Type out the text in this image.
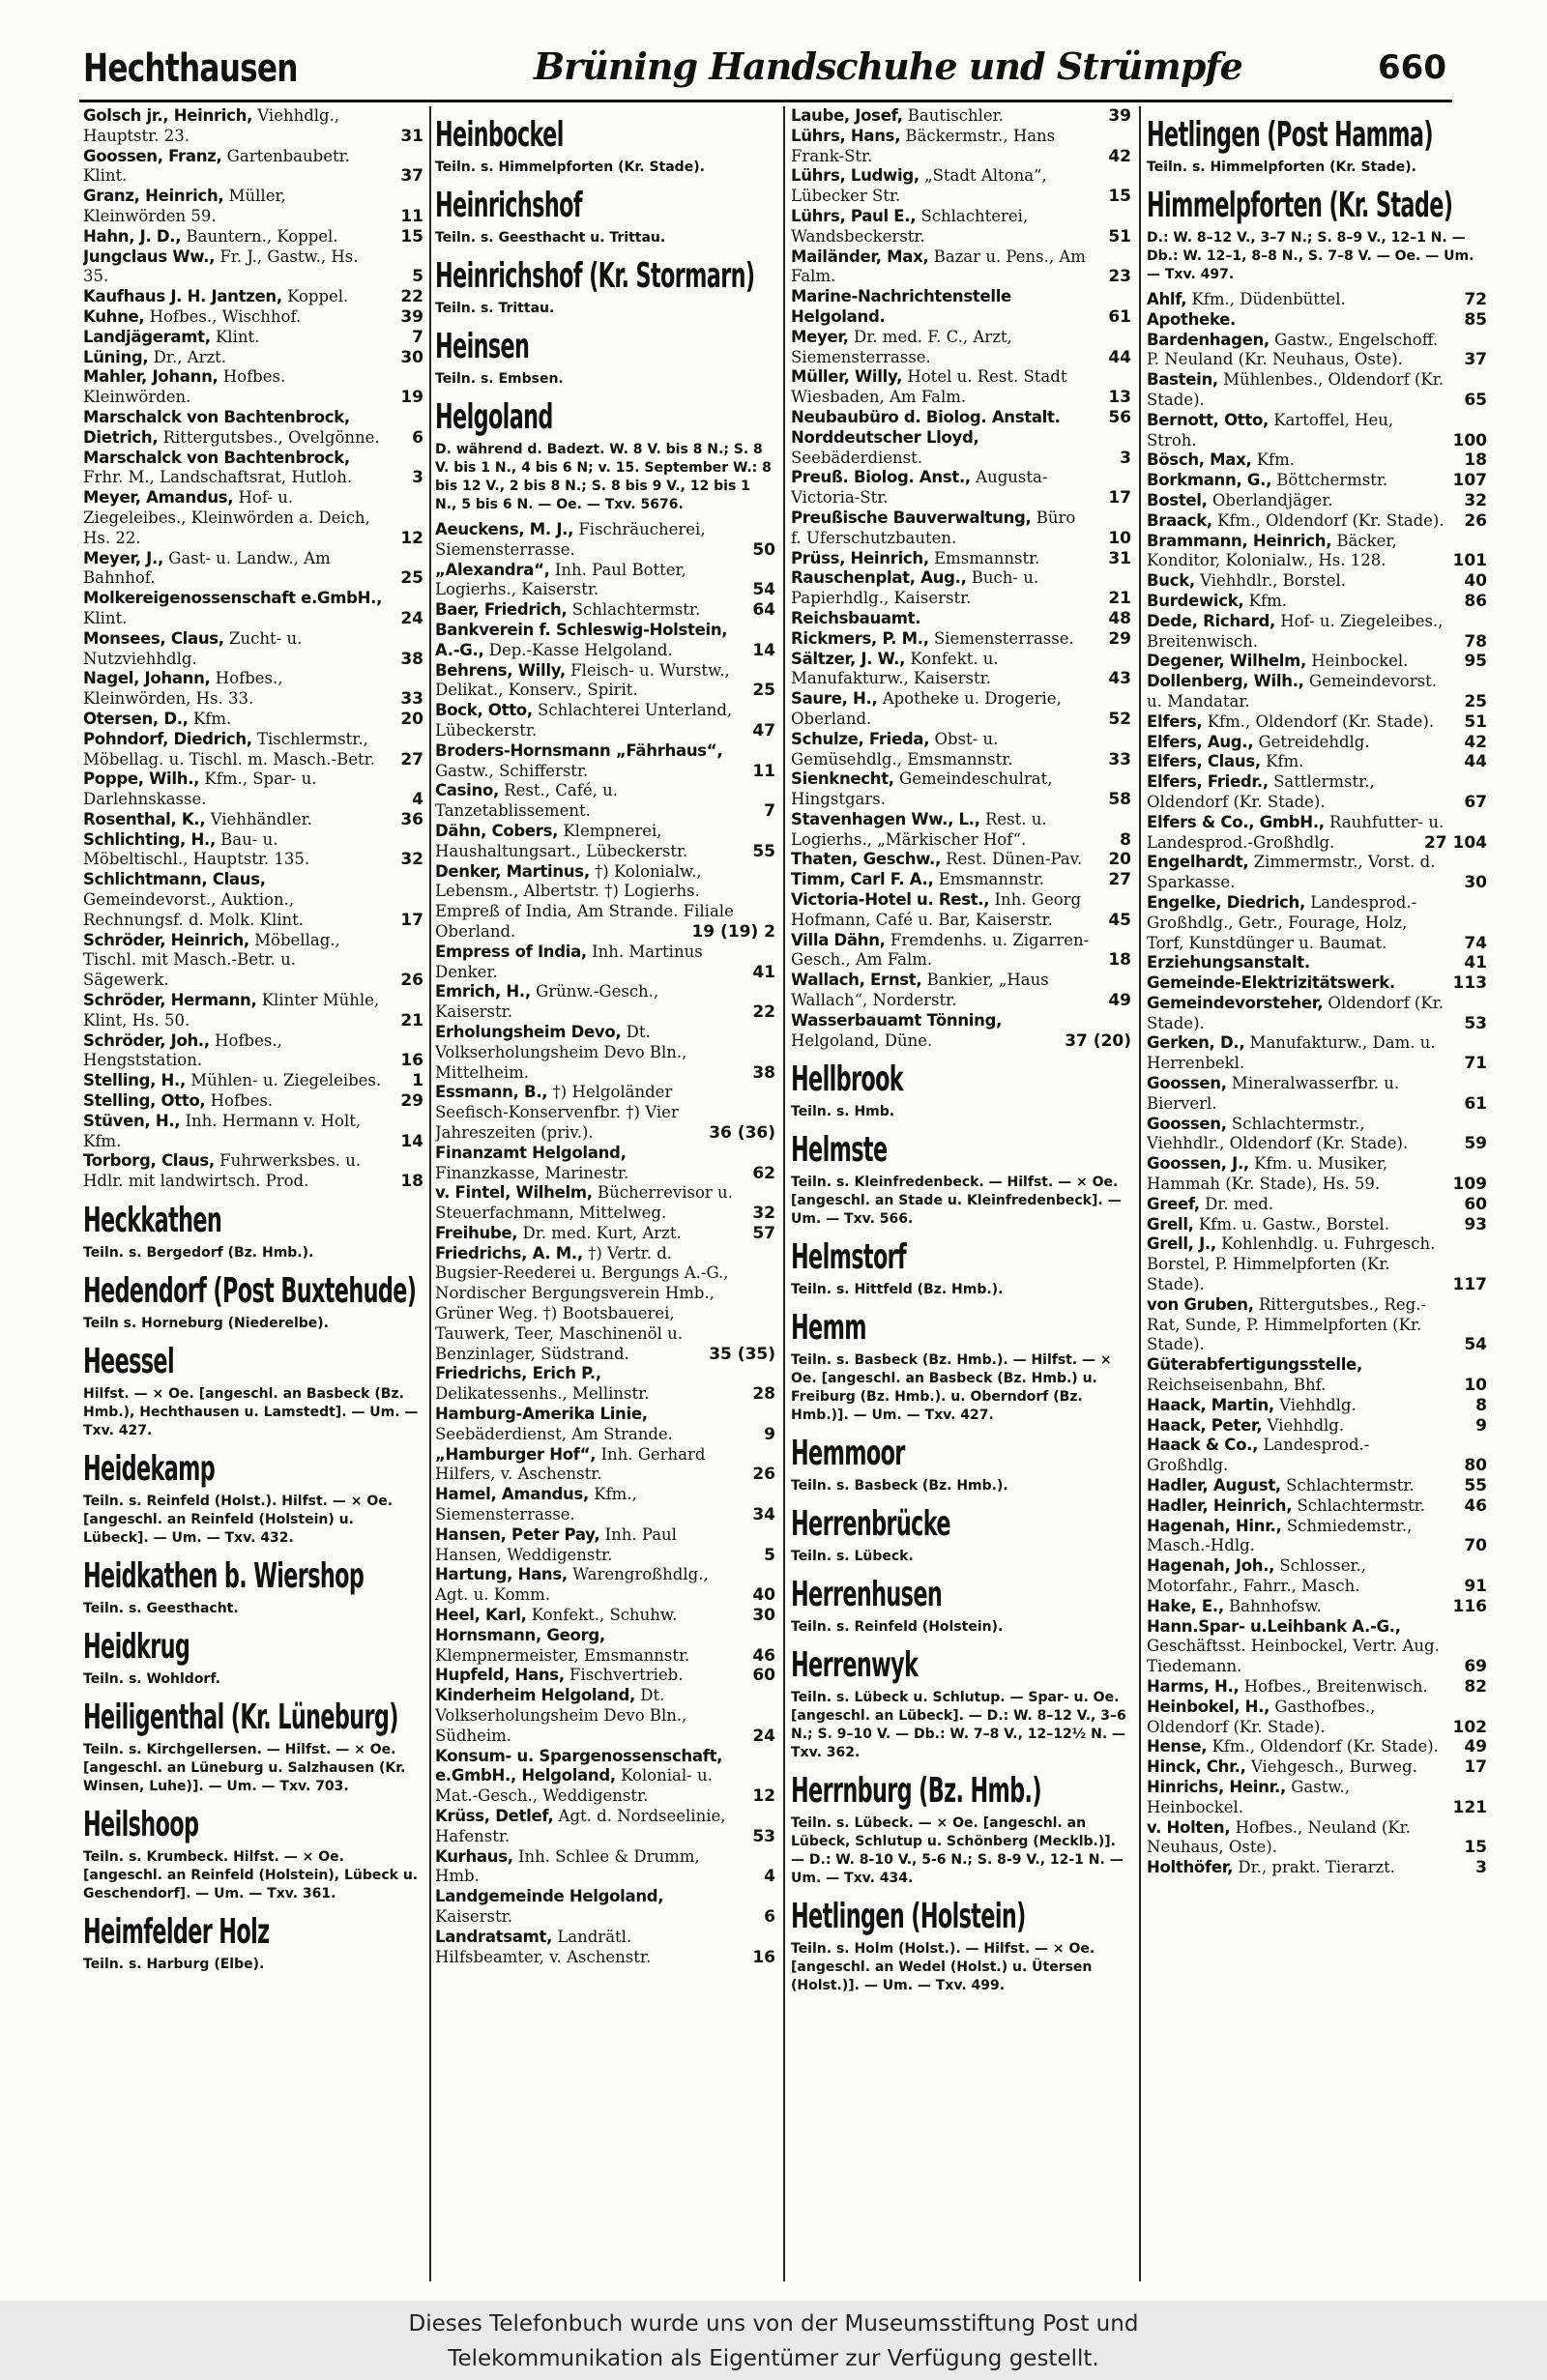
Hechthausen	Brüning Handschuhe und Strümpfe	660
Golsch jr., Heinrich, Viehhdlg., Hauptstr. 23.	31
Goossen, Franz, Gartenbaubetr. Klint.	37
Granz, Heinrich, Müller, Kleinwörden 59.	11
Hahn, J. D., Bauntern., Koppel.	15
Jungclaus Ww., Fr. J., Gastw., Hs. 35.	5
Kaufhaus J. H. Jantzen, Koppel.	22
Kuhne, Hofbes., Wischhof.	39
Landjägeramt, Klint.	7
Lüning, Dr., Arzt.	30
Mahler, Johann, Hofbes. Kleinwörden.	19
Marschalck von Bachtenbrock, Dietrich, Rittergutsbes., Ovelgönne. 6
Marschalck von Bachtenbrock, Frhr. M., Landschaftsrat, Hutloh.	3
Meyer, Amandus, Hof- u. Ziegeleibes., Kleinwörden a. Deich, Hs. 22.	12
Meyer, J., Gast- u. Landw., Am Bahnhof.	25
Molkereigenossenschaft e.GmbH., Klint.	24
Monsees, Claus, Zucht- u. Nutzviehhdlg.	38
Nagel, Johann, Hofbes., Kleinwörden, Hs. 33.	33
Otersen, D., Kfm.	20
Pohndorf, Diedrich, Tischlermstr., Möbellag. u. Tischl. m. Masch.-Betr. 27
Poppe, Wilh., Kfm., Spar- u. Darlehnskasse.	4
Rosenthal, K., Viehhändler.	36
Schlichting, H., Bau- u. Möbeltischl., Hauptstr. 135.	32
Schlichtmann, Claus, Gemeindevorst., Auktion., Rechnungsf. d. Molk. Klint.	17
Schröder, Heinrich, Möbellag., Tischl. mit Masch.-Betr. u. Sägewerk.	26
Schröder, Hermann, Klinter Mühle, Klint, Hs. 50.	21
Schröder, Joh., Hofbes., Hengststation.	16
Stelling, H., Mühlen- u. Ziegeleibes. 1
Stelling, Otto, Hofbes.	29
Stüven, H., Inh. Hermann v. Holt, Kfm.	14
Torborg, Claus, Fuhrwerksbes. u. Hdlr. mit landwirtsch. Prod.	18
Heckkathen
Teiln. s. Bergedorf (Bz. Hmb.).
Hedendorf (Post Buxtehude)
Teiln s. Horneburg (Niederelbe).
Heessel
Hilfst. — × Oe. [angeschl. an Basbeck (Bz. Hmb.), Hechthausen u. Lamstedt]. — Um. — Txv. 427.
Heidekamp
Teiln. s. Reinfeld (Holst.). Hilfst. — × Oe. [angeschl. an Reinfeld (Holstein) u. Lübeck]. — Um. — Txv. 432.
Heidkathen b. Wiershop
Teiln. s. Geesthacht.
Heidkrug
Teiln. s. Wohldorf.
Heiligenthal (Kr. Lüneburg)
Teiln. s. Kirchgellersen. — Hilfst. — × Oe. [angeschl. an Lüneburg u. Salzhausen (Kr. Winsen, Luhe)]. — Um. — Txv. 703.
Heilshoop
Teiln. s. Krumbeck. Hilfst. — × Oe. [angeschl. an Reinfeld (Holstein), Lübeck u. Geschendorf]. — Um. — Txv. 361.
Heimfelder Holz
Teiln. s. Harburg (Elbe).
Heinbockel
Teiln. s. Himmelpforten (Kr. Stade).
Heinrichshof
Teiln. s. Geesthacht u. Trittau.
Heinrichshof (Kr. Stormarn)
Teiln. s. Trittau.
Heinsen
Teiln. s. Embsen.
Helgoland
D. während d. Badezt. W. 8 V. bis 8 N.; S. 8 V. bis 1 N., 4 bis 6 N; v. 15. September W.: 8 bis 12 V., 2 bis 8 N.; S. 8 bis 9 V., 12 bis 1 N., 5 bis 6 N. — Oe. — Txv. 5676.
Aeuckens, M. J., Fischräucherei, Siemensterrasse.	50
„Alexandra“, Inh. Paul Botter, Logierhs., Kaiserstr.	54
Baer, Friedrich, Schlachtermstr.	64
Bankverein f. Schleswig-Holstein, A.-G., Dep.-Kasse Helgoland.	14
Behrens, Willy, Fleisch- u. Wurstw., Delikat., Konserv., Spirit.	25
Bock, Otto, Schlachterei Unterland, Lübeckerstr.	47
Broders-Hornsmann „Fährhaus“, Gastw., Schifferstr.	11
Casino, Rest., Café, u. Tanzetablissement.	7
Dähn, Cobers, Klempnerei, Haushaltungsart., Lübeckerstr.	55
Denker, Martinus, †) Kolonialw., Lebensm., Albertstr. †) Logierhs. Empreß of India, Am Strande. Filiale Oberland.	19 (19) 2
Empress of India, Inh. Martinus Denker.	41
Emrich, H., Grünw.-Gesch., Kaiserstr.	22
Erholungsheim Devo, Dt. Volkserholungsheim Devo Bln., Mittelheim.	38
Essmann, B., †) Helgoländer Seefisch-Konservenfbr. †) Vier Jahreszeiten (priv.).	36 (36)
Finanzamt Helgoland, Finanzkasse, Marinestr.	62
v. Fintel, Wilhelm, Bücherrevisor u. Steuerfachmann, Mittelweg.	32
Freihube, Dr. med. Kurt, Arzt.	57
Friedrichs, A. M., †) Vertr. d. Bugsier-Reederei u. Bergungs A.-G., Nordischer Bergungsverein Hmb., Grüner Weg. †) Bootsbauerei, Tauwerk, Teer, Maschinenöl u. Benzinlager, Südstrand.	35 (35)
Friedrichs, Erich P., Delikatessenhs., Mellinstr.	28
Hamburg-Amerika Linie, Seebäderdienst, Am Strande.	9
„Hamburger Hof“, Inh. Gerhard Hilfers, v. Aschenstr.	26
Hamel, Amandus, Kfm., Siemensterrasse.	34
Hansen, Peter Pay, Inh. Paul Hansen, Weddigenstr.	5
Hartung, Hans, Warengroßhdlg., Agt. u. Komm.	40
Heel, Karl, Konfekt., Schuhw.	30
Hornsmann, Georg, Klempnermeister, Emsmannstr.	46
Hupfeld, Hans, Fischvertrieb.	60
Kinderheim Helgoland, Dt. Volkserholungsheim Devo Bln., Südheim.	24
Konsum- u. Spargenossenschaft, e.GmbH., Helgoland, Kolonial- u. Mat.-Gesch., Weddigenstr.	12
Krüss, Detlef, Agt. d. Nordseelinie, Hafenstr.	53
Kurhaus, Inh. Schlee & Drumm, Hmb.	4
Landgemeinde Helgoland, Kaiserstr.	6
Landratsamt, Landrätl. Hilfsbeamter, v. Aschenstr.	16
Laube, Josef, Bautischler.	39
Lührs, Hans, Bäckermstr., Hans Frank-Str.	42
Lührs, Ludwig, „Stadt Altona“, Lübecker Str.	15
Lührs, Paul E., Schlachterei, Wandsbeckerstr.	51
Mailänder, Max, Bazar u. Pens., Am Falm.	23
Marine-Nachrichtenstelle Helgoland.	61
Meyer, Dr. med. F. C., Arzt, Siemensterrasse.	44
Müller, Willy, Hotel u. Rest. Stadt Wiesbaden, Am Falm.	13
Neubaubüro d. Biolog. Anstalt.	56
Norddeutscher Lloyd, Seebäderdienst.	3
Preuß. Biolog. Anst., Augusta-Victoria-Str.	17
Preußische Bauverwaltung, Büro f. Uferschutzbauten.	10
Prüss, Heinrich, Emsmannstr.	31
Rauschenplat, Aug., Buch- u. Papierhdlg., Kaiserstr.	21
Reichsbauamt.	48
Rickmers, P. M., Siemensterrasse. 29
Sältzer, J. W., Konfekt. u. Manufakturw., Kaiserstr.	43
Saure, H., Apotheke u. Drogerie, Oberland.	52
Schulze, Frieda, Obst- u. Gemüsehdlg., Emsmannstr.	33
Sienknecht, Gemeindeschulrat, Hingstgars.	58
Stavenhagen Ww., L., Rest. u. Logierhs., „Märkischer Hof“.	8
Thaten, Geschw., Rest. Dünen-Pav. 20
Timm, Carl F. A., Emsmannstr.	27
Victoria-Hotel u. Rest., Inh. Georg Hofmann, Café u. Bar, Kaiserstr.	45
Villa Dähn, Fremdenhs. u. Zigarren-Gesch., Am Falm.	18
Wallach, Ernst, Bankier, „Haus Wallach“, Norderstr.	49
Wasserbauamt Tönning, Helgoland, Düne.	37 (20)
Hellbrook
Teiln. s. Hmb.
Helmste
Teiln. s. Kleinfredenbeck. — Hilfst. — × Oe. [angeschl. an Stade u. Kleinfredenbeck]. — Um. — Txv. 566.
Helmstorf
Teiln. s. Hittfeld (Bz. Hmb.).
Hemm
Teiln. s. Basbeck (Bz. Hmb.). — Hilfst. — × Oe. [angeschl. an Basbeck (Bz. Hmb.) u. Freiburg (Bz. Hmb.). u. Oberndorf (Bz. Hmb.)]. — Um. — Txv. 427.
Hemmoor
Teiln. s. Basbeck (Bz. Hmb.).
Herrenbrücke
Teiln. s. Lübeck.
Herrenhusen
Teiln. s. Reinfeld (Holstein).
Herrenwyk
Teiln. s. Lübeck u. Schlutup. — Spar- u. Oe. [angeschl. an Lübeck]. — D.: W. 8–12 V., 3–6 N.; S. 9–10 V. — Db.: W. 7–8 V., 12–12½ N. — Txv. 362.
Herrnburg (Bz. Hmb.)
Teiln. s. Lübeck. — × Oe. [angeschl. an Lübeck, Schlutup u. Schönberg (Mecklb.)]. — D.: W. 8-10 V., 5-6 N.; S. 8-9 V., 12-1 N. — Um. — Txv. 434.
Hetlingen (Holstein)
Teiln. s. Holm (Holst.). — Hilfst. — × Oe. [angeschl. an Wedel (Holst.) u. Ütersen (Holst.)]. — Um. — Txv. 499.
Hetlingen (Post Hamma)
Teiln. s. Himmelpforten (Kr. Stade).
Himmelpforten (Kr. Stade)
D.: W. 8–12 V., 3–7 N.; S. 8–9 V., 12–1 N. — Db.: W. 12–1, 8–8 N., S. 7–8 V. — Oe. — Um. — Txv. 497.
Ahlf, Kfm., Düdenbüttel.	72
Apotheke.	85
Bardenhagen, Gastw., Engelschoff. P. Neuland (Kr. Neuhaus, Oste).	37
Bastein, Mühlenbes., Oldendorf (Kr. Stade).	65
Bernott, Otto, Kartoffel, Heu, Stroh.	100
Bösch, Max, Kfm.	18
Borkmann, G., Böttchermstr.	107
Bostel, Oberlandjäger.	32
Braack, Kfm., Oldendorf (Kr. Stade). 26
Brammann, Heinrich, Bäcker, Konditor, Kolonialw., Hs. 128.	101
Buck, Viehhdlr., Borstel.	40
Burdewick, Kfm.	86
Dede, Richard, Hof- u. Ziegeleibes., Breitenwisch.	78
Degener, Wilhelm, Heinbockel.	95
Dollenberg, Wilh., Gemeindevorst. u. Mandatar.	25
Elfers, Kfm., Oldendorf (Kr. Stade). 51
Elfers, Aug., Getreidehdlg.	42
Elfers, Claus, Kfm.	44
Elfers, Friedr., Sattlermstr., Oldendorf (Kr. Stade).	67
Elfers & Co., GmbH., Rauhfutter- u. Landesprod.-Großhdlg.	27 104
Engelhardt, Zimmermstr., Vorst. d. Sparkasse.	30
Engelke, Diedrich, Landesprod.-Großhdlg., Getr., Fourage, Holz, Torf, Kunstdünger u. Baumat.	74
Erziehungsanstalt.	41
Gemeinde-Elektrizitätswerk.	113
Gemeindevorsteher, Oldendorf (Kr. Stade).	53
Gerken, D., Manufakturw., Dam. u. Herrenbekl.	71
Goossen, Mineralwasserfbr. u. Bierverl.	61
Goossen, Schlachtermstr., Viehhdlr., Oldendorf (Kr. Stade).	59
Goossen, J., Kfm. u. Musiker, Hammah (Kr. Stade), Hs. 59.	109
Greef, Dr. med.	60
Grell, Kfm. u. Gastw., Borstel.	93
Grell, J., Kohlenhdlg. u. Fuhrgesch. Borstel, P. Himmelpforten (Kr. Stade).	117
von Gruben, Rittergutsbes., Reg.-Rat, Sunde, P. Himmelpforten (Kr. Stade).	54
Güterabfertigungsstelle, Reichseisenbahn, Bhf.	10
Haack, Martin, Viehhdlg.	8
Haack, Peter, Viehhdlg.	9
Haack & Co., Landesprod.-Großhdlg.	80
Hadler, August, Schlachtermstr.	55
Hadler, Heinrich, Schlachtermstr. 46
Hagenah, Hinr., Schmiedemstr., Masch.-Hdlg.	70
Hagenah, Joh., Schlosser., Motorfahr., Fahrr., Masch.	91
Hake, E., Bahnhofsw.	116
Hann.Spar- u.Leihbank A.-G., Geschäftsst. Heinbockel, Vertr. Aug. Tiedemann.	69
Harms, H., Hofbes., Breitenwisch. 82
Heinbokel, H., Gasthofbes., Oldendorf (Kr. Stade).	102
Hense, Kfm., Oldendorf (Kr. Stade). 49
Hinck, Chr., Viehgesch., Burweg.	17
Hinrichs, Heinr., Gastw., Heinbockel.	121
v. Holten, Hofbes., Neuland (Kr. Neuhaus, Oste).	15
Holthöfer, Dr., prakt. Tierarzt.	3
Dieses Telefonbuch wurde uns von der Museumsstiftung Post und
Telekommunikation als Eigentümer zur Verfügung gestellt.
